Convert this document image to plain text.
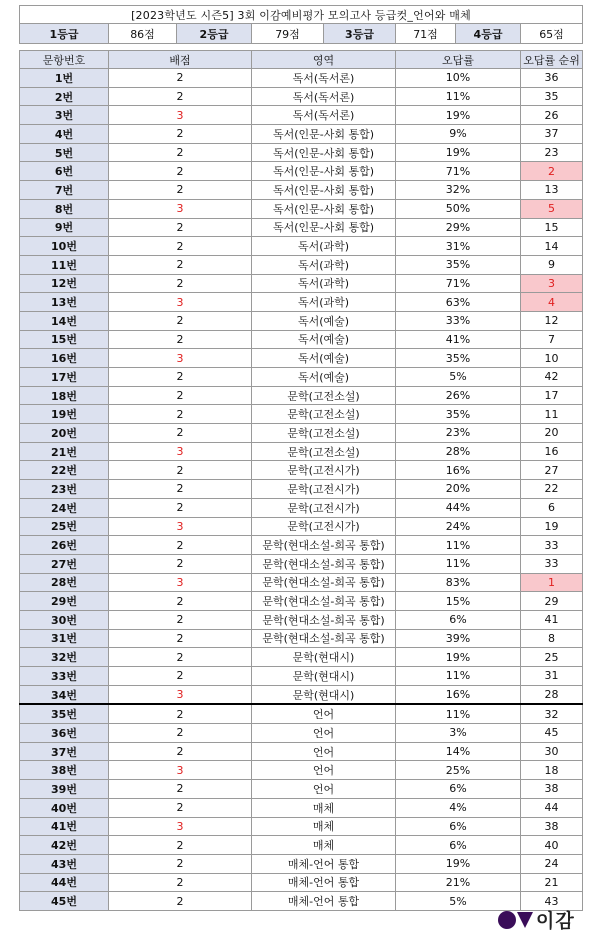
[2023학년도 시즌5] 3회 이감예비평가 모의고사 등급컷_언어와 매체							
1등급	86점	2등급	79점	3등급	71점	4등급	65점

문항번호	배점		영역		오답률		오답률 순위
1번	2		독서(독서론)		10%		36
2번	2		독서(독서론)		11%		35
3번	3		독서(독서론)		19%		26
4번	2		독서(인문-사회 통합)		9%		37
5번	2		독서(인문-사회 통합)		19%		23
6번	2		독서(인문-사회 통합)		71%		2
7번	2		독서(인문-사회 통합)		32%		13
8번	3		독서(인문-사회 통합)		50%		5
9번	2		독서(인문-사회 통합)		29%		15
10번	2		독서(과학)		31%		14
11번	2		독서(과학)		35%		9
12번	2		독서(과학)		71%		3
13번	3		독서(과학)		63%		4
14번	2		독서(예술)		33%		12
15번	2		독서(예술)		41%		7
16번	3		독서(예술)		35%		10
17번	2		독서(예술)		5%		42
18번	2		문학(고전소설)		26%		17
19번	2		문학(고전소설)		35%		11
20번	2		문학(고전소설)		23%		20
21번	3		문학(고전소설)		28%		16
22번	2		문학(고전시가)		16%		27
23번	2		문학(고전시가)		20%		22
24번	2		문학(고전시가)		44%		6
25번	3		문학(고전시가)		24%		19
26번	2		문학(현대소설-희곡 통합)		11%		33
27번	2		문학(현대소설-희곡 통합)		11%		33
28번	3		문학(현대소설-희곡 통합)		83%		1
29번	2		문학(현대소설-희곡 통합)		15%		29
30번	2		문학(현대소설-희곡 통합)		6%		41
31번	2		문학(현대소설-희곡 통합)		39%		8
32번	2		문학(현대시)		19%		25
33번	2		문학(현대시)		11%		31
34번	3		문학(현대시)		16%		28
35번	2		언어		11%		32
36번	2		언어		3%		45
37번	2		언어		14%		30
38번	3		언어		25%		18
39번	2		언어		6%		38
40번	2		매체		4%		44
41번	3		매체		6%		38
42번	2		매체		6%		40
43번	2		매체-언어 통합		19%		24
44번	2		매체-언어 통합		21%		21
45번	2		매체-언어 통합		5%		43
이감
